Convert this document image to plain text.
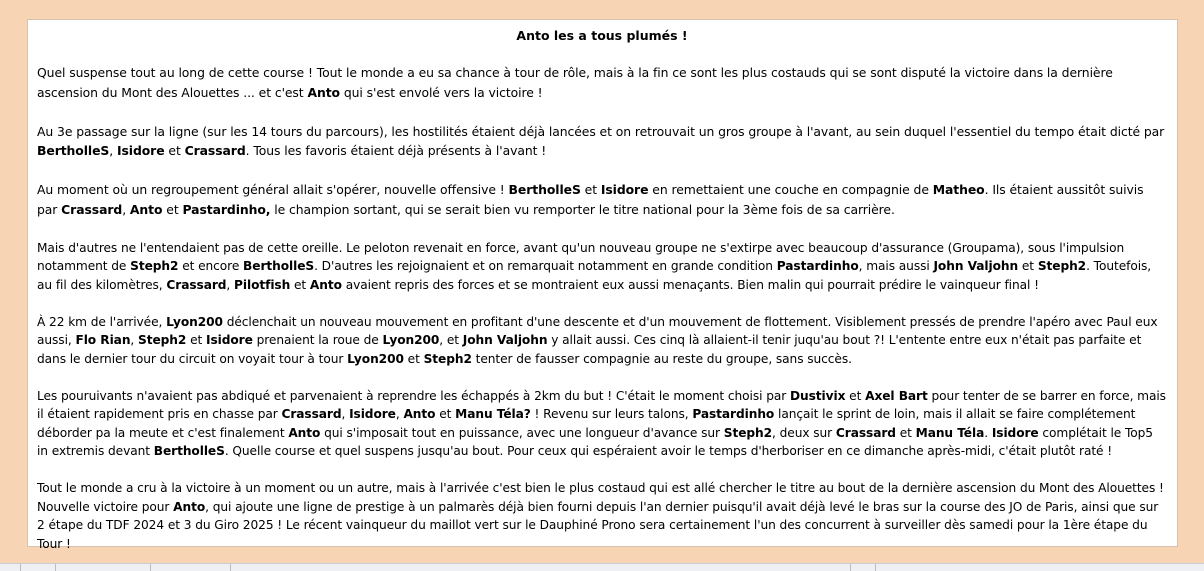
Anto les a tous plumés !
Quel suspense tout au long de cette course ! Tout le monde a eu sa chance à tour de rôle, mais à la fin ce sont les plus costauds qui se sont disputé la victoire dans la dernière ascension du Mont des Alouettes ... et c'est Anto qui s'est envolé vers la victoire !
Au 3e passage sur la ligne (sur les 14 tours du parcours), les hostilités étaient déjà lancées et on retrouvait un gros groupe à l'avant, au sein duquel l'essentiel du tempo était dicté par BertholleS, Isidore et Crassard. Tous les favoris étaient déjà présents à l'avant !
Au moment où un regroupement général allait s'opérer, nouvelle offensive ! BertholleS et Isidore en remettaient une couche en compagnie de Matheo. Ils étaient aussitôt suivis par Crassard, Anto et Pastardinho, le champion sortant, qui se serait bien vu remporter le titre national pour la 3ème fois de sa carrière.
Mais d'autres ne l'entendaient pas de cette oreille. Le peloton revenait en force, avant qu'un nouveau groupe ne s'extirpe avec beaucoup d'assurance (Groupama), sous l'impulsion notamment de Steph2 et encore BertholleS. D'autres les rejoignaient et on remarquait notamment en grande condition Pastardinho, mais aussi John Valjohn et Steph2. Toutefois, au fil des kilomètres, Crassard, Pilotfish et Anto avaient repris des forces et se montraient eux aussi menaçants. Bien malin qui pourrait prédire le vainqueur final !
À 22 km de l'arrivée, Lyon200 déclenchait un nouveau mouvement en profitant d'une descente et d'un mouvement de flottement. Visiblement pressés de prendre l'apéro avec Paul eux aussi, Flo Rian, Steph2 et Isidore prenaient la roue de Lyon200, et John Valjohn y allait aussi. Ces cinq là allaient-il tenir juqu'au bout ?! L'entente entre eux n'était pas parfaite et dans le dernier tour du circuit on voyait tour à tour Lyon200 et Steph2 tenter de fausser compagnie au reste du groupe, sans succès.
Les pouruivants n'avaient pas abdiqué et parvenaient à reprendre les échappés à 2km du but ! C'était le moment choisi par Dustivix et Axel Bart pour tenter de se barrer en force, mais il étaient rapidement pris en chasse par Crassard, Isidore, Anto et Manu Téla? ! Revenu sur leurs talons, Pastardinho lançait le sprint de loin, mais il allait se faire complétement déborder pa la meute et c'est finalement Anto qui s'imposait tout en puissance, avec une longueur d'avance sur Steph2, deux sur Crassard et Manu Téla. Isidore complétait le Top5 in extremis devant BertholleS. Quelle course et quel suspens jusqu'au bout. Pour ceux qui espéraient avoir le temps d'herboriser en ce dimanche après-midi, c'était plutôt raté !
Tout le monde a cru à la victoire à un moment ou un autre, mais à l'arrivée c'est bien le plus costaud qui est allé chercher le titre au bout de la dernière ascension du Mont des Alouettes ! Nouvelle victoire pour Anto, qui ajoute une ligne de prestige à un palmarès déjà bien fourni depuis l'an dernier puisqu'il avait déjà levé le bras sur la course des JO de Paris, ainsi que sur 2 étape du TDF 2024 et 3 du Giro 2025 ! Le récent vainqueur du maillot vert sur le Dauphiné Prono sera certainement l'un des concurrent à surveiller dès samedi pour la 1ère étape du Tour !
